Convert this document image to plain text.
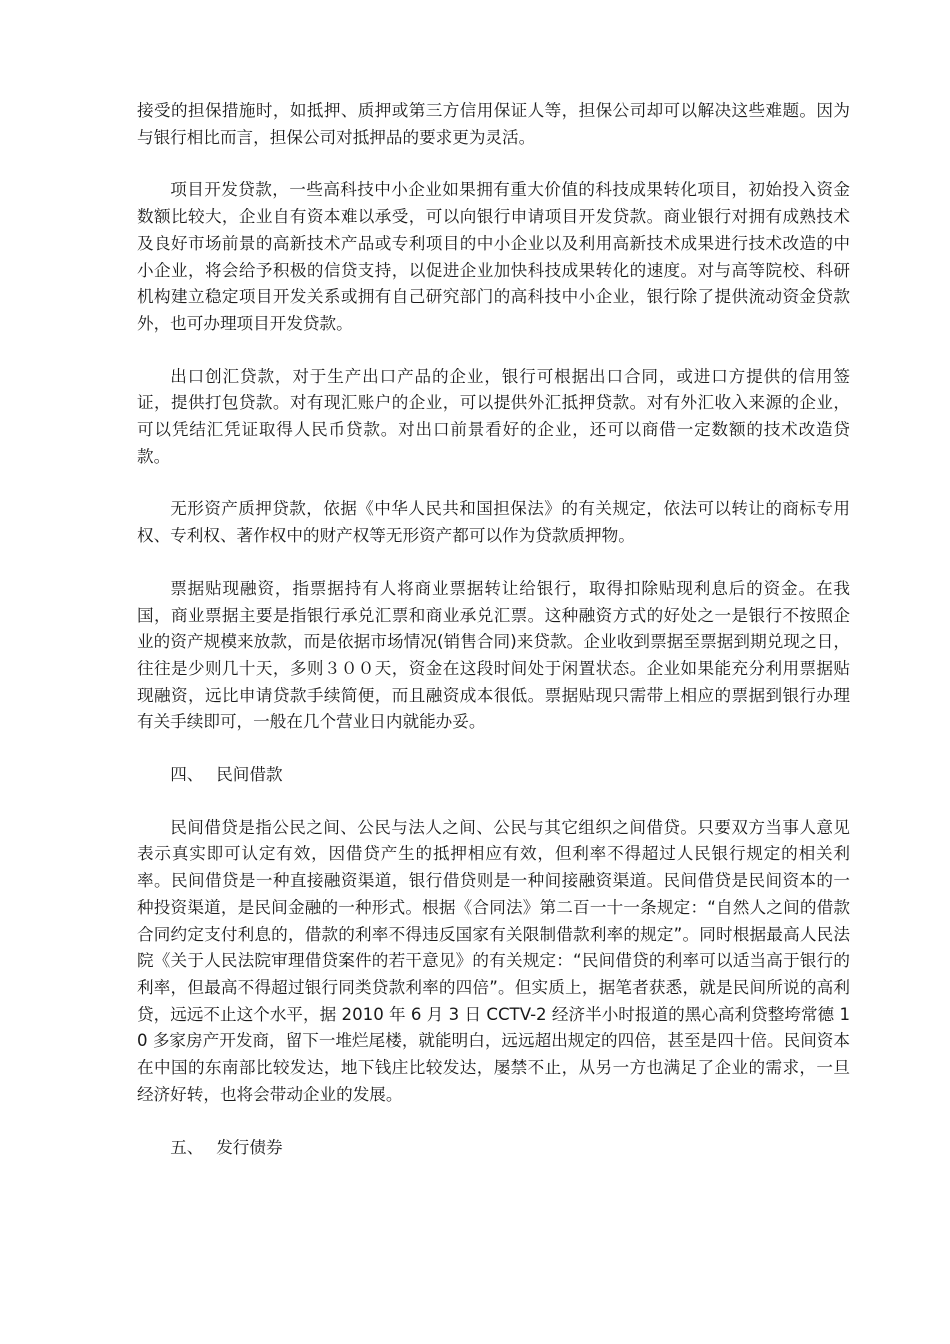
接受的担保措施时，如抵押、质押或第三方信用保证人等，担保公司却可以解决这些难题。因为与银行相比而言，担保公司对抵押品的要求更为灵活。

项目开发贷款，一些高科技中小企业如果拥有重大价值的科技成果转化项目，初始投入资金数额比较大，企业自有资本难以承受，可以向银行申请项目开发贷款。商业银行对拥有成熟技术及良好市场前景的高新技术产品或专利项目的中小企业以及利用高新技术成果进行技术改造的中小企业，将会给予积极的信贷支持，以促进企业加快科技成果转化的速度。对与高等院校、科研机构建立稳定项目开发关系或拥有自己研究部门的高科技中小企业，银行除了提供流动资金贷款外，也可办理项目开发贷款。

出口创汇贷款，对于生产出口产品的企业，银行可根据出口合同，或进口方提供的信用签证，提供打包贷款。对有现汇账户的企业，可以提供外汇抵押贷款。对有外汇收入来源的企业，可以凭结汇凭证取得人民币贷款。对出口前景看好的企业，还可以商借一定数额的技术改造贷款。

无形资产质押贷款，依据《中华人民共和国担保法》的有关规定，依法可以转让的商标专用权、专利权、著作权中的财产权等无形资产都可以作为贷款质押物。

票据贴现融资，指票据持有人将商业票据转让给银行，取得扣除贴现利息后的资金。在我国，商业票据主要是指银行承兑汇票和商业承兑汇票。这种融资方式的好处之一是银行不按照企业的资产规模来放款，而是依据市场情况(销售合同)来贷款。企业收到票据至票据到期兑现之日，往往是少则几十天，多则３００天，资金在这段时间处于闲置状态。企业如果能充分利用票据贴现融资，远比申请贷款手续简便，而且融资成本很低。票据贴现只需带上相应的票据到银行办理有关手续即可，一般在几个营业日内就能办妥。

四、 民间借款

民间借贷是指公民之间、公民与法人之间、公民与其它组织之间借贷。只要双方当事人意见表示真实即可认定有效，因借贷产生的抵押相应有效，但利率不得超过人民银行规定的相关利率。民间借贷是一种直接融资渠道，银行借贷则是一种间接融资渠道。民间借贷是民间资本的一种投资渠道，是民间金融的一种形式。根据《合同法》第二百一十一条规定：“自然人之间的借款合同约定支付利息的，借款的利率不得违反国家有关限制借款利率的规定”。同时根据最高人民法院《关于人民法院审理借贷案件的若干意见》的有关规定：“民间借贷的利率可以适当高于银行的利率，但最高不得超过银行同类贷款利率的四倍”。但实质上，据笔者获悉，就是民间所说的高利贷，远远不止这个水平，据 2010 年 6 月 3 日 CCTV-2 经济半小时报道的黑心高利贷整垮常德 10 多家房产开发商，留下一堆烂尾楼，就能明白，远远超出规定的四倍，甚至是四十倍。民间资本在中国的东南部比较发达，地下钱庄比较发达，屡禁不止，从另一方也满足了企业的需求，一旦经济好转，也将会带动企业的发展。

五、 发行债券
